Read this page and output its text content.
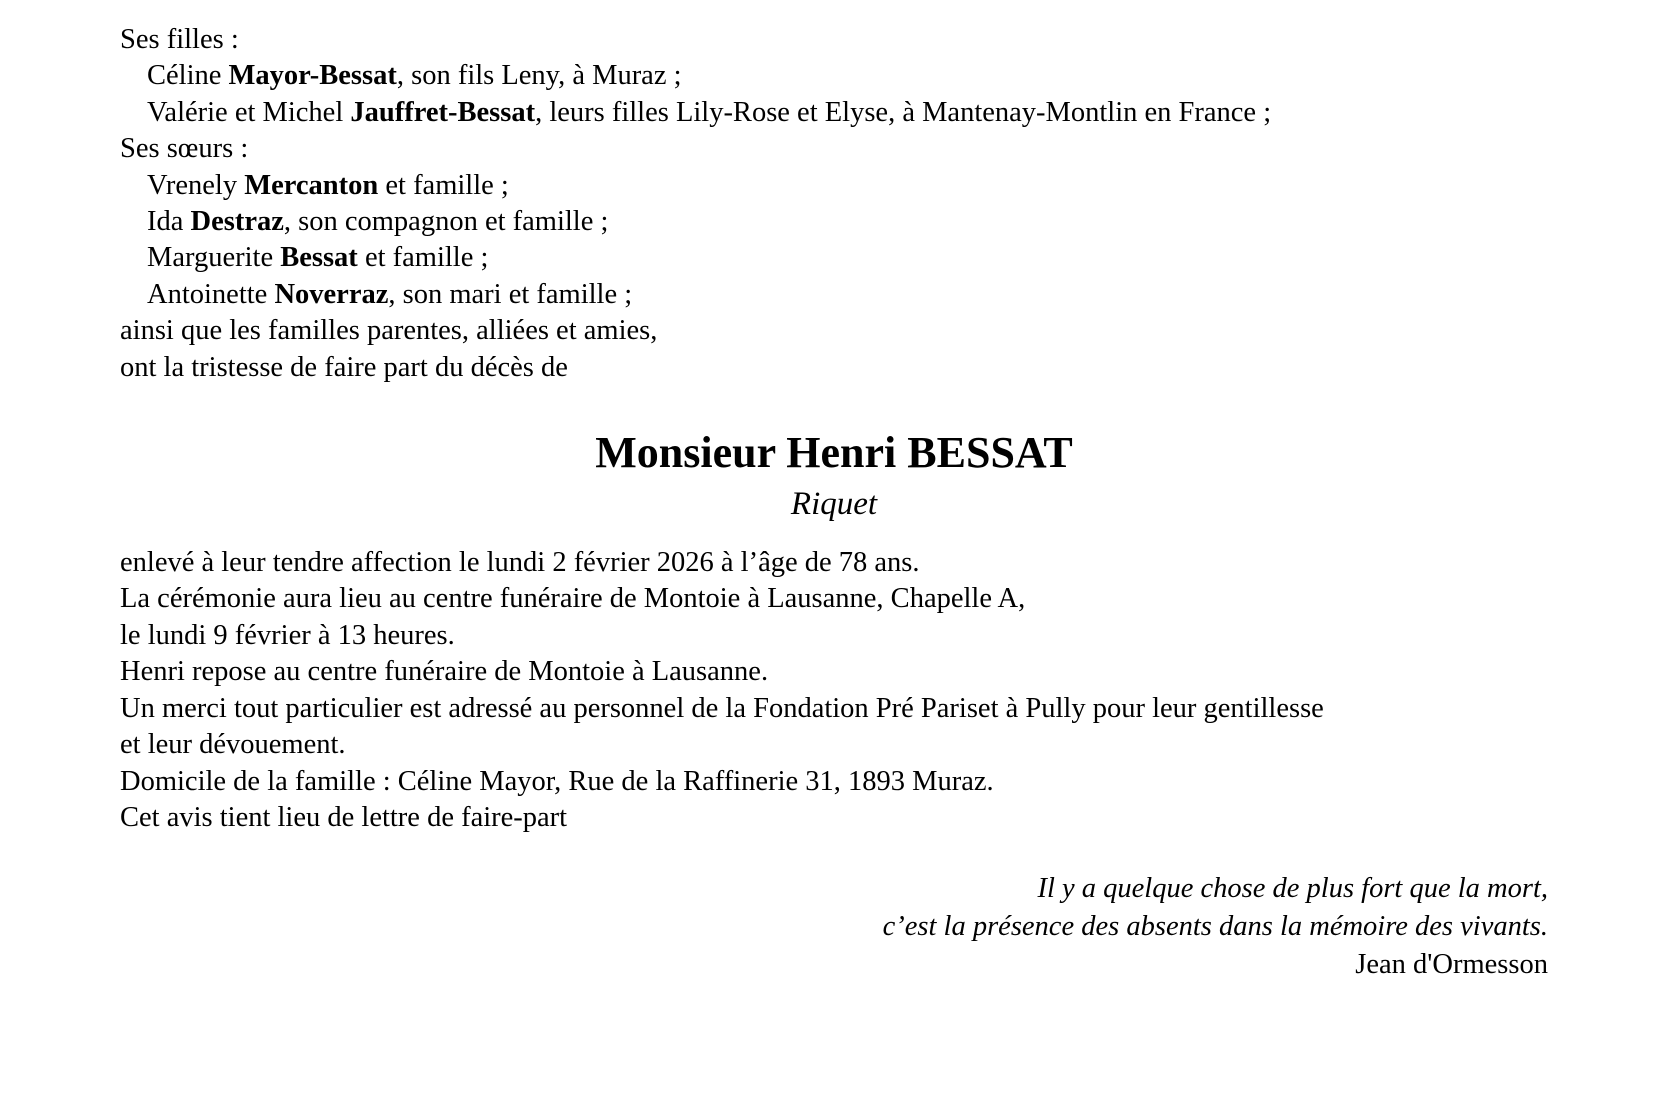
Ses filles :

Céline Mayor-Bessat, son fils Leny, à Muraz ;

Valérie et Michel Jauffret-Bessat, leurs filles Lily-Rose et Elyse, à Mantenay-Montlin en France ;

Ses sœurs :

Vrenely Mercanton et famille ;

Ida Destraz, son compagnon et famille ;

Marguerite Bessat et famille ;

Antoinette Noverraz, son mari et famille ;

ainsi que les familles parentes, alliées et amies,

ont la tristesse de faire part du décès de

Monsieur Henri BESSAT

Riquet

enlevé à leur tendre affection le lundi 2 février 2026 à l’âge de 78 ans.

La cérémonie aura lieu au centre funéraire de Montoie à Lausanne, Chapelle A,

le lundi 9 février à 13 heures.

Henri repose au centre funéraire de Montoie à Lausanne.

Un merci tout particulier est adressé au personnel de la Fondation Pré Pariset à Pully pour leur gentillesse

et leur dévouement.

Domicile de la famille : Céline Mayor, Rue de la Raffinerie 31, 1893 Muraz.

Cet avis tient lieu de lettre de faire-part

Il y a quelque chose de plus fort que la mort,

c’est la présence des absents dans la mémoire des vivants.

Jean d'Ormesson
